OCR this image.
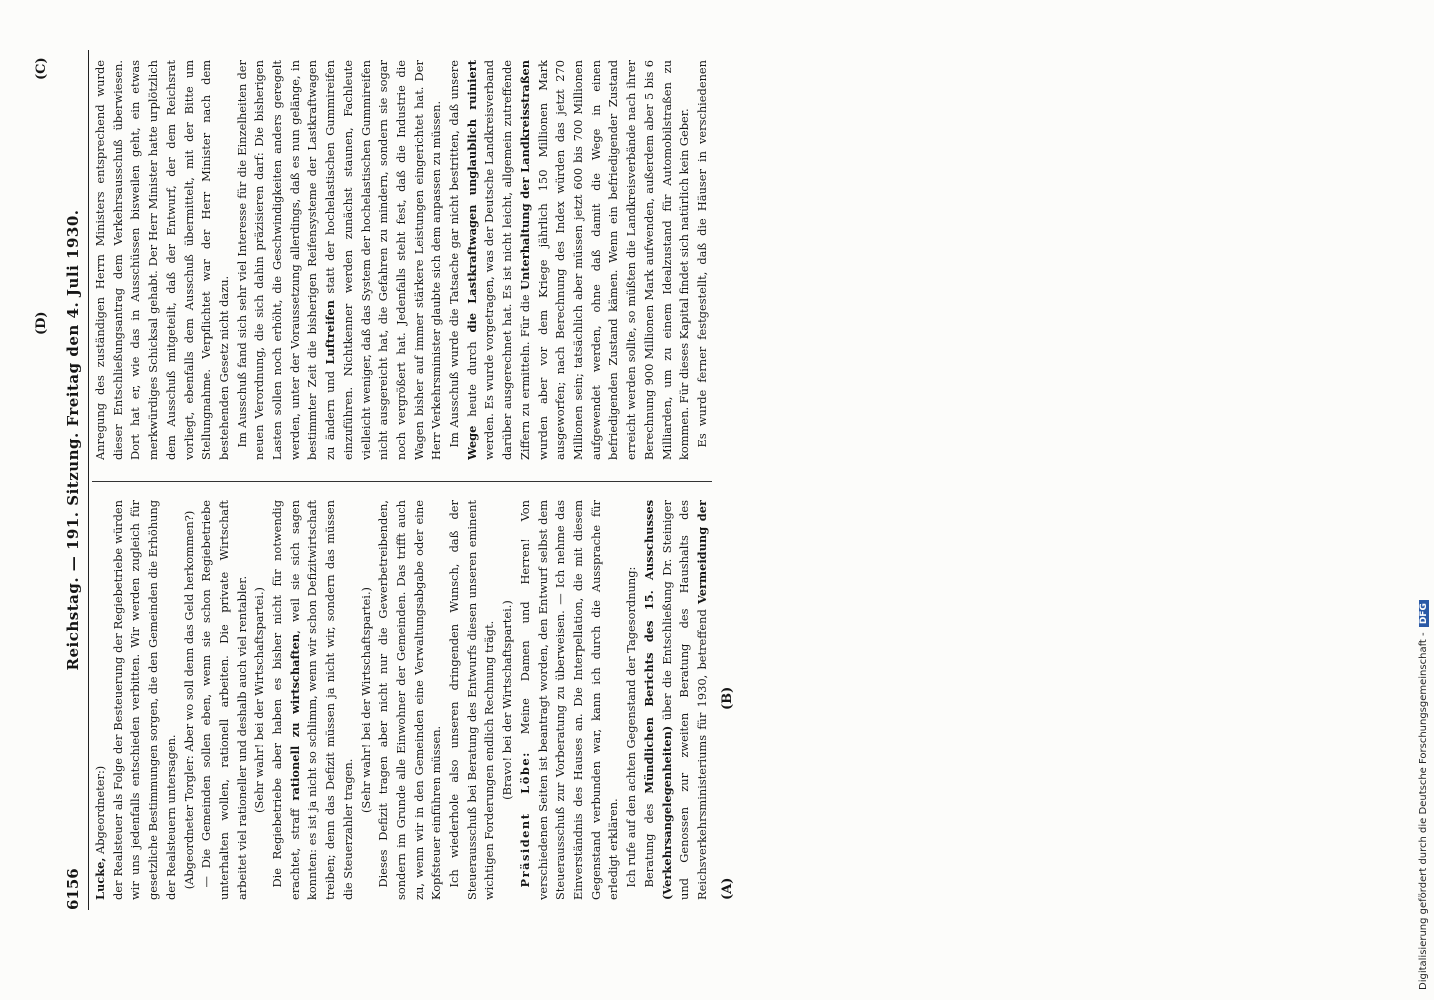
6156
Reichstag. — 191. Sitzung. Freitag den 4. Juli 1930.

Lucke, Abgeordneter:) der Realsteuer als Folge der Besteuerung der Regiebetriebe würden wir uns jedenfalls entschieden verbitten. Wir werden zugleich für gesetzliche Bestimmungen sorgen, die den Gemeinden die Erhöhung der Realsteuern untersagen. (Abgeordneter Torgler: Aber wo soll denn das Geld herkommen?) — Die Gemeinden sollen eben, wenn sie schon Regiebetriebe unterhalten wollen, rationell arbeiten. Die private Wirtschaft arbeitet viel rationeller und deshalb auch viel rentabler. (Sehr wahr! bei der Wirtschaftspartei.) Die Regiebetriebe aber haben es bisher nicht für notwendig erachtet, straff rationell zu wirtschaften, weil sie sich sagen konnten: es ist ja nicht so schlimm, wenn wir schon Defizitwirtschaft treiben; denn das Defizit müssen ja nicht wir, sondern das müssen die Steuerzahler tragen.

(Sehr wahr! bei der Wirtschaftspartei.) Dieses Defizit tragen aber nicht nur die Gewerbetreibenden, sondern im Grunde alle Einwohner der Gemeinden. Das trifft auch zu, wenn wir in den Gemeinden eine Verwaltungsabgabe oder eine Kopfsteuer einführen müssen. Ich wiederhole also unseren dringenden Wunsch, daß der Steuerausschuß bei Beratung des Entwurfs diesen unseren eminent wichtigen Forderungen endlich Rechnung trägt. (Bravo! bei der Wirtschaftspartei.)

Präsident Löbe: Meine Damen und Herren! Von verschiedenen Seiten ist beantragt worden, den Entwurf selbst dem Steuerausschuß zur Vorberatung zu überweisen. — Ich nehme das Einverständnis des Hauses an. Die Interpellation, die mit diesem Gegenstand verbunden war, kann ich durch die Aussprache für erledigt erklären. Ich rufe auf den achten Gegenstand der Tagesordnung: Beratung des Mündlichen Berichts des 15. Ausschusses (Verkehrsangelegenheiten) über die Entschließung Dr. Steiniger und Genossen zur zweiten Beratung des Haushalts des Reichsverkehrsministeriums für 1930, betreffend Vermeidung der

Anregung des zuständigen Herrn Ministers entsprechend wurde dieser Entschließungsantrag dem Verkehrsausschuß überwiesen. Dort hat er, wie das in Ausschüssen bisweilen geht, ein etwas merkwürdiges Schicksal gehabt. Der Herr Minister hatte urplötzlich dem Ausschuß mitgeteilt, daß der Entwurf, der dem Reichsrat vorliegt, ebenfalls dem Ausschuß übermittelt, mit der Bitte um Stellungnahme. Verpflichtet war der Herr Minister nach dem bestehenden Gesetz nicht dazu. Im Ausschuß fand sich sehr viel Interesse für die Einzelheiten der neuen Verordnung, die sich dahin präzisieren darf: Die bisherigen Lasten sollen noch erhöht, die Geschwindigkeiten anders geregelt werden, unter der Voraussetzung allerdings, daß es nun gelänge, in bestimmter Zeit die bisherigen Reifensysteme der Lastkraftwagen zu ändern und Luftreifen statt der hochelastischen Gummireifen einzuführen. Nichtkenner werden zunächst staunen, Fachleute vielleicht weniger, daß das System der hochelastischen Gummireifen nicht ausgereicht hat, die Gefahren zu mindern, sondern sie sogar noch vergrößert hat. Jedenfalls steht fest, daß die Industrie die Wagen bisher auf immer stärkere Leistungen eingerichtet hat. Der Herr Verkehrsminister glaubte sich dem anpassen zu müssen. Im Ausschuß wurde die Tatsache gar nicht bestritten, daß unsere Wege heute durch die Lastkraftwagen unglaublich ruiniert werden. Es wurde vorgetragen, was der Deutsche Landkreisverband darüber ausgerechnet hat. Es ist nicht leicht, allgemein zutreffende Ziffern zu ermitteln. Für die Unterhaltung der Landkreisstraßen wurden aber vor dem Kriege jährlich 150 Millionen Mark ausgeworfen; nach Berechnung des Index würden das jetzt 270 Millionen sein; tatsächlich aber müssen jetzt 600 bis 700 Millionen aufgewendet werden, ohne daß damit die Wege in einen befriedigenden Zustand kämen. Wenn ein befriedigender Zustand erreicht werden sollte, so müßten die Landkreisverbände nach ihrer Berechnung 900 Millionen Mark aufwenden, außerdem aber 5 bis 6 Milliarden, um zu einem Idealzustand für Automobilstraßen zu kommen. Für dieses Kapital findet sich natürlich kein Geber. Es wurde ferner festgestellt, daß die Häuser in verschiedenen

(A)
(B)
(C)
(D)
Digitalisierung gefördert durch die Deutsche Forschungsgemeinschaft - DFG
